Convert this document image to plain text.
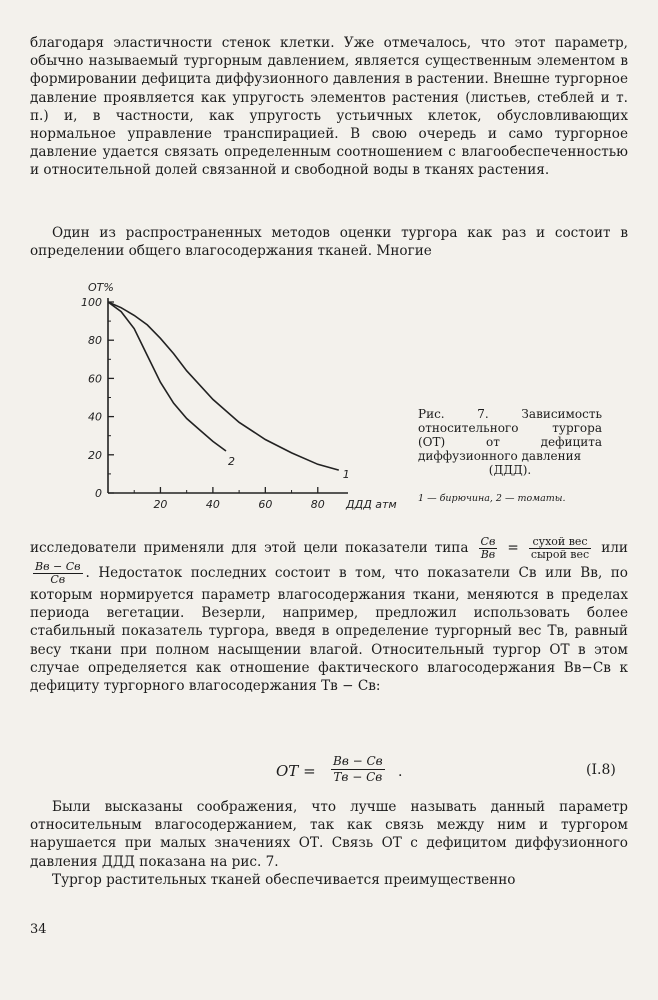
благодаря эластичности стенок клетки. Уже отмечалось, что этот параметр, обычно называемый тургорным давлением, является существенным элементом в формировании дефицита диффузионного давления в растении. Внешне тургорное давление проявляется как упругость элементов растения (листьев, стеблей и т. п.) и, в частности, как упругость устьичных клеток, обусловливающих нормальное управление транспирацией. В свою очередь и само тургорное давление удается связать определенным соотношением с влагообеспеченностью и относительной долей связанной и свободной воды в тканях растения.

Один из распространенных методов оценки тургора как раз и состоит в определении общего влагосодержания тканей. Многие

0
20
40
60
80
100
20	40	60	80
ОТ%
ДДД атм
1
2
Рис. 7. Зависимость относительного тургора (ОТ) от дефицита диффузионного давления
(ДДД).
1 — бирючина, 2 — томаты.

исследователи применяли для этой цели показатели типа $\frac{Cв}{Bв} = \frac{\text{сухой вес}}{\text{сырой вес}}$ или
$\frac{Bв - Cв}{Cв}$ . Недостаток последних состоит в том, что показатели Cв или Bв, по которым нормируется параметр влагосодержания ткани, меняются в пределах периода вегетации. Везерли, например, предложил использовать более стабильный показатель тургора, введя в определение тургорный вес Tв, равный весу ткани при полном насыщении влагой. Относительный тургор ОТ в этом случае определяется как отношение фактического влагосодержания Bв−Cв к дефициту тургорного влагосодержания Tв − Cв:

ОТ =
Bв − Cв
Tв − Cв .	(I.8)

Были высказаны соображения, что лучше называть данный параметр относительным влагосодержанием, так как связь между ним и тургором нарушается при малых значениях ОТ. Связь ОТ с дефицитом диффузионного давления ДДД показана на рис. 7.

Тургор растительных тканей обеспечивается преимущественно

34
